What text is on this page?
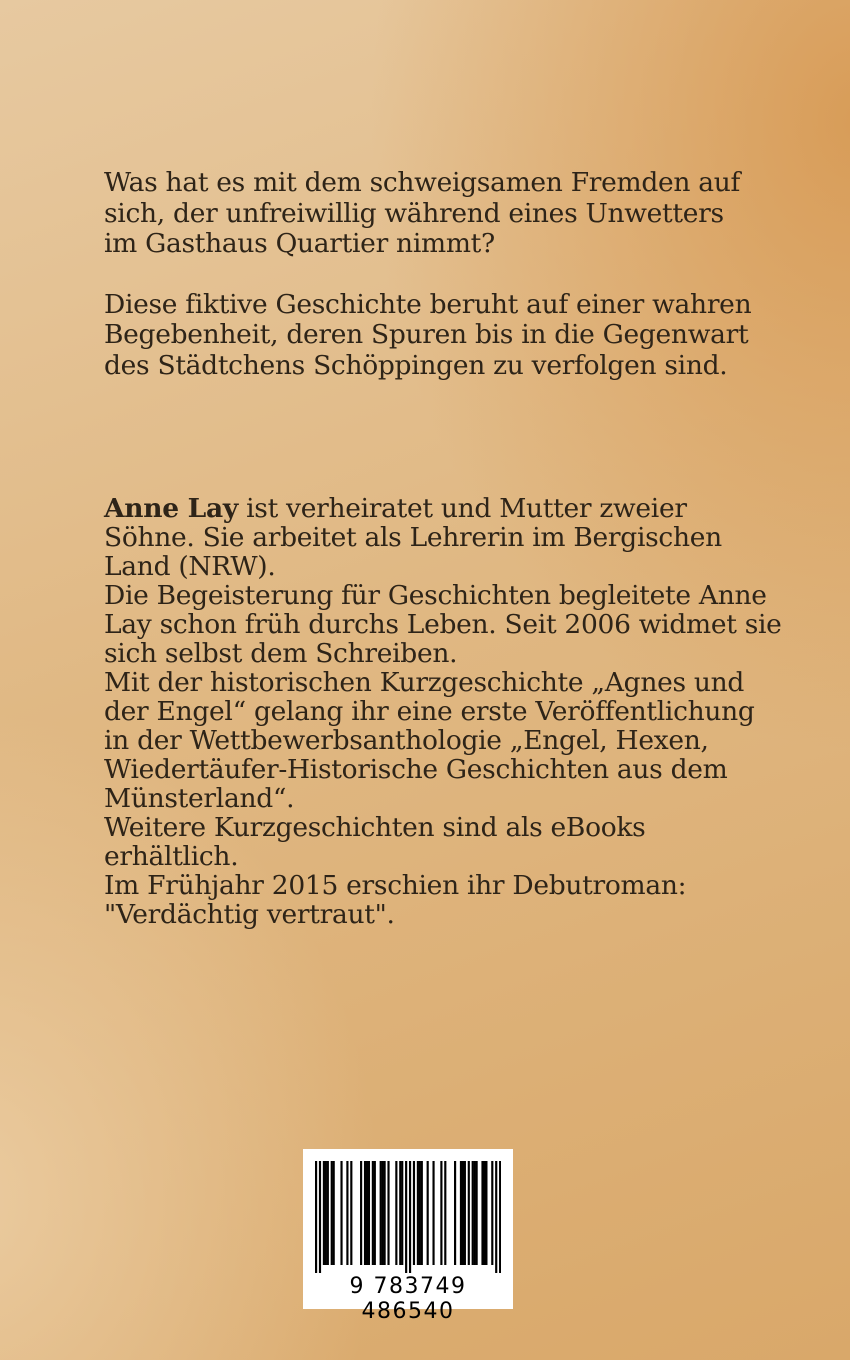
Was hat es mit dem schweigsamen Fremden auf sich, der unfreiwillig während eines Unwetters im Gasthaus Quartier nimmt?

Diese fiktive Geschichte beruht auf einer wahren Begebenheit, deren Spuren bis in die Gegenwart des Städtchens Schöppingen zu verfolgen sind.

Anne Lay ist verheiratet und Mutter zweier Söhne. Sie arbeitet als Lehrerin im Bergischen Land (NRW).

Die Begeisterung für Geschichten begleitete Anne Lay schon früh durchs Leben. Seit 2006 widmet sie sich selbst dem Schreiben.

Mit der historischen Kurzgeschichte „Agnes und der Engel“ gelang ihr eine erste Veröffentlichung in der Wettbewerbsanthologie „Engel, Hexen, Wiedertäufer-Historische Geschichten aus dem Münsterland“.

Weitere Kurzgeschichten sind als eBooks erhältlich.

Im Frühjahr 2015 erschien ihr Debutroman: "Verdächtig vertraut".

9 783749 486540
